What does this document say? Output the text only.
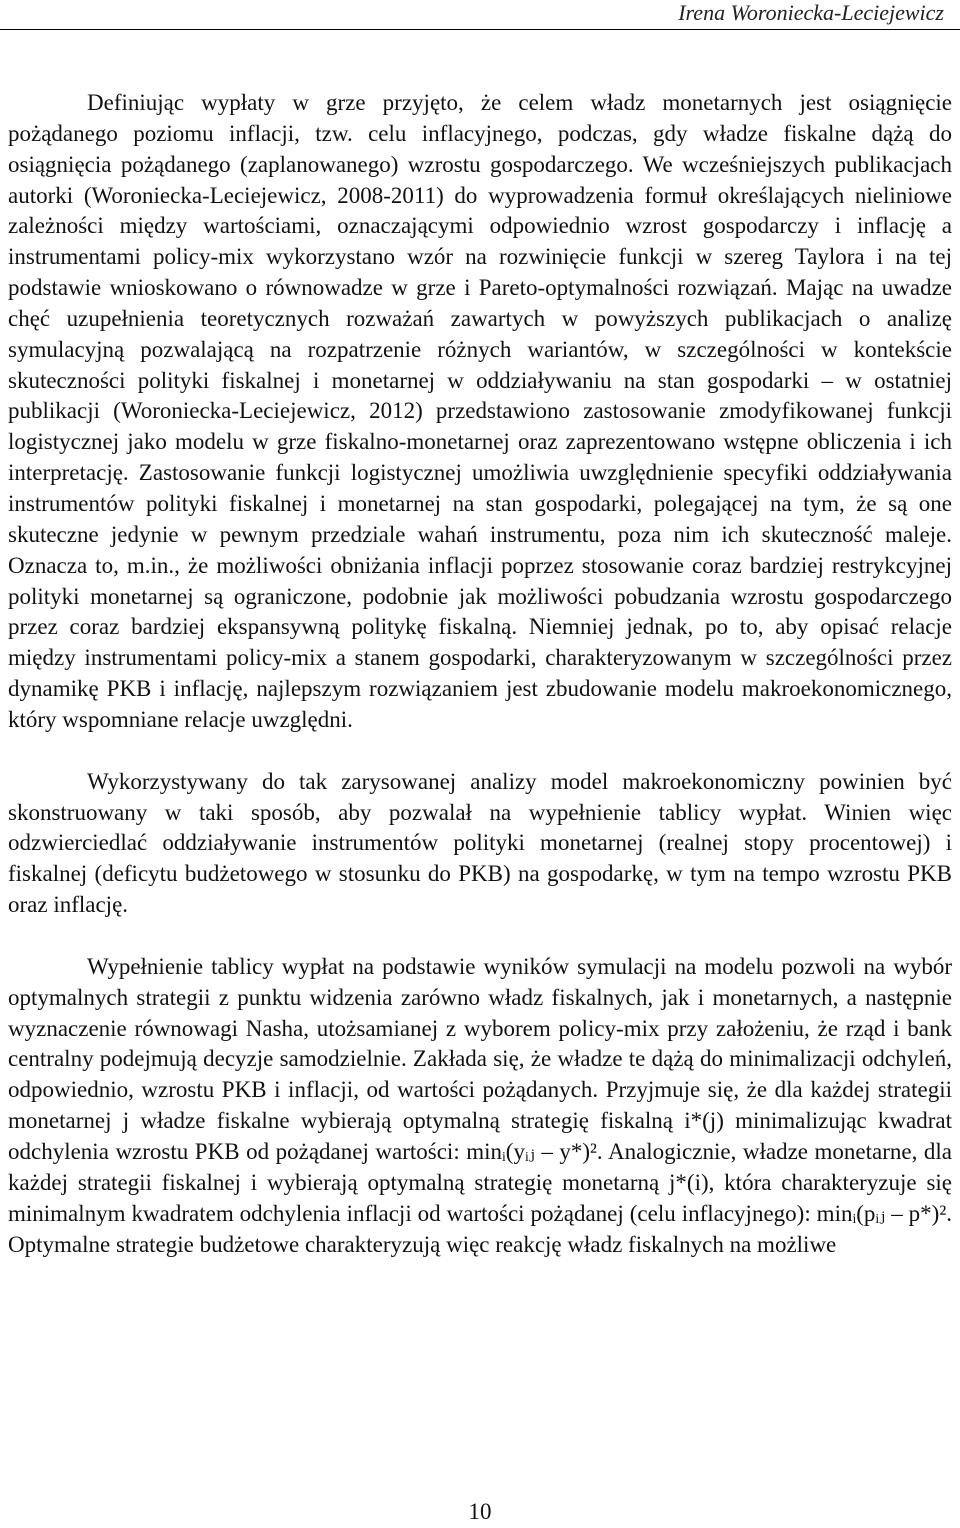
Irena Woroniecka-Leciejewicz

Definiując wypłaty w grze przyjęto, że celem władz monetarnych jest osiągnięcie pożądanego poziomu inflacji, tzw. celu inflacyjnego, podczas, gdy władze fiskalne dążą do osiągnięcia pożądanego (zaplanowanego) wzrostu gospodarczego. We wcześniejszych publikacjach autorki (Woroniecka-Leciejewicz, 2008-2011) do wyprowadzenia formuł określających nieliniowe zależności między wartościami, oznaczającymi odpowiednio wzrost gospodarczy i inflację a instrumentami policy-mix wykorzystano wzór na rozwinięcie funkcji w szereg Taylora i na tej podstawie wnioskowano o równowadze w grze i Pareto-optymalności rozwiązań. Mając na uwadze chęć uzupełnienia teoretycznych rozważań zawartych w powyższych publikacjach o analizę symulacyjną pozwalającą na rozpatrzenie różnych wariantów, w szczególności w kontekście skuteczności polityki fiskalnej i monetarnej w oddziaływaniu na stan gospodarki – w ostatniej publikacji (Woroniecka-Leciejewicz, 2012) przedstawiono zastosowanie zmodyfikowanej funkcji logistycznej jako modelu w grze fiskalno-monetarnej oraz zaprezentowano wstępne obliczenia i ich interpretację. Zastosowanie funkcji logistycznej umożliwia uwzględnienie specyfiki oddziaływania instrumentów polityki fiskalnej i monetarnej na stan gospodarki, polegającej na tym, że są one skuteczne jedynie w pewnym przedziale wahań instrumentu, poza nim ich skuteczność maleje. Oznacza to, m.in., że możliwości obniżania inflacji poprzez stosowanie coraz bardziej restrykcyjnej polityki monetarnej są ograniczone, podobnie jak możliwości pobudzania wzrostu gospodarczego przez coraz bardziej ekspansywną politykę fiskalną. Niemniej jednak, po to, aby opisać relacje między instrumentami policy-mix a stanem gospodarki, charakteryzowanym w szczególności przez dynamikę PKB i inflację, najlepszym rozwiązaniem jest zbudowanie modelu makroekonomicznego, który wspomniane relacje uwzględni.

Wykorzystywany do tak zarysowanej analizy model makroekonomiczny powinien być skonstruowany w taki sposób, aby pozwalał na wypełnienie tablicy wypłat. Winien więc odzwierciedlać oddziaływanie instrumentów polityki monetarnej (realnej stopy procentowej) i fiskalnej (deficytu budżetowego w stosunku do PKB) na gospodarkę, w tym na tempo wzrostu PKB oraz inflację.

Wypełnienie tablicy wypłat na podstawie wyników symulacji na modelu pozwoli na wybór optymalnych strategii z punktu widzenia zarówno władz fiskalnych, jak i monetarnych, a następnie wyznaczenie równowagi Nasha, utożsamianej z wyborem policy-mix przy założeniu, że rząd i bank centralny podejmują decyzje samodzielnie. Zakłada się, że władze te dążą do minimalizacji odchyleń, odpowiednio, wzrostu PKB i inflacji, od wartości pożądanych. Przyjmuje się, że dla każdej strategii monetarnej j władze fiskalne wybierają optymalną strategię fiskalną i*(j) minimalizując kwadrat odchylenia wzrostu PKB od pożądanej wartości: minᵢ(yᵢⱼ – y*)². Analogicznie, władze monetarne, dla każdej strategii fiskalnej i wybierają optymalną strategię monetarną j*(i), która charakteryzuje się minimalnym kwadratem odchylenia inflacji od wartości pożądanej (celu inflacyjnego): minᵢ(pᵢⱼ – p*)². Optymalne strategie budżetowe charakteryzują więc reakcję władz fiskalnych na możliwe

10
